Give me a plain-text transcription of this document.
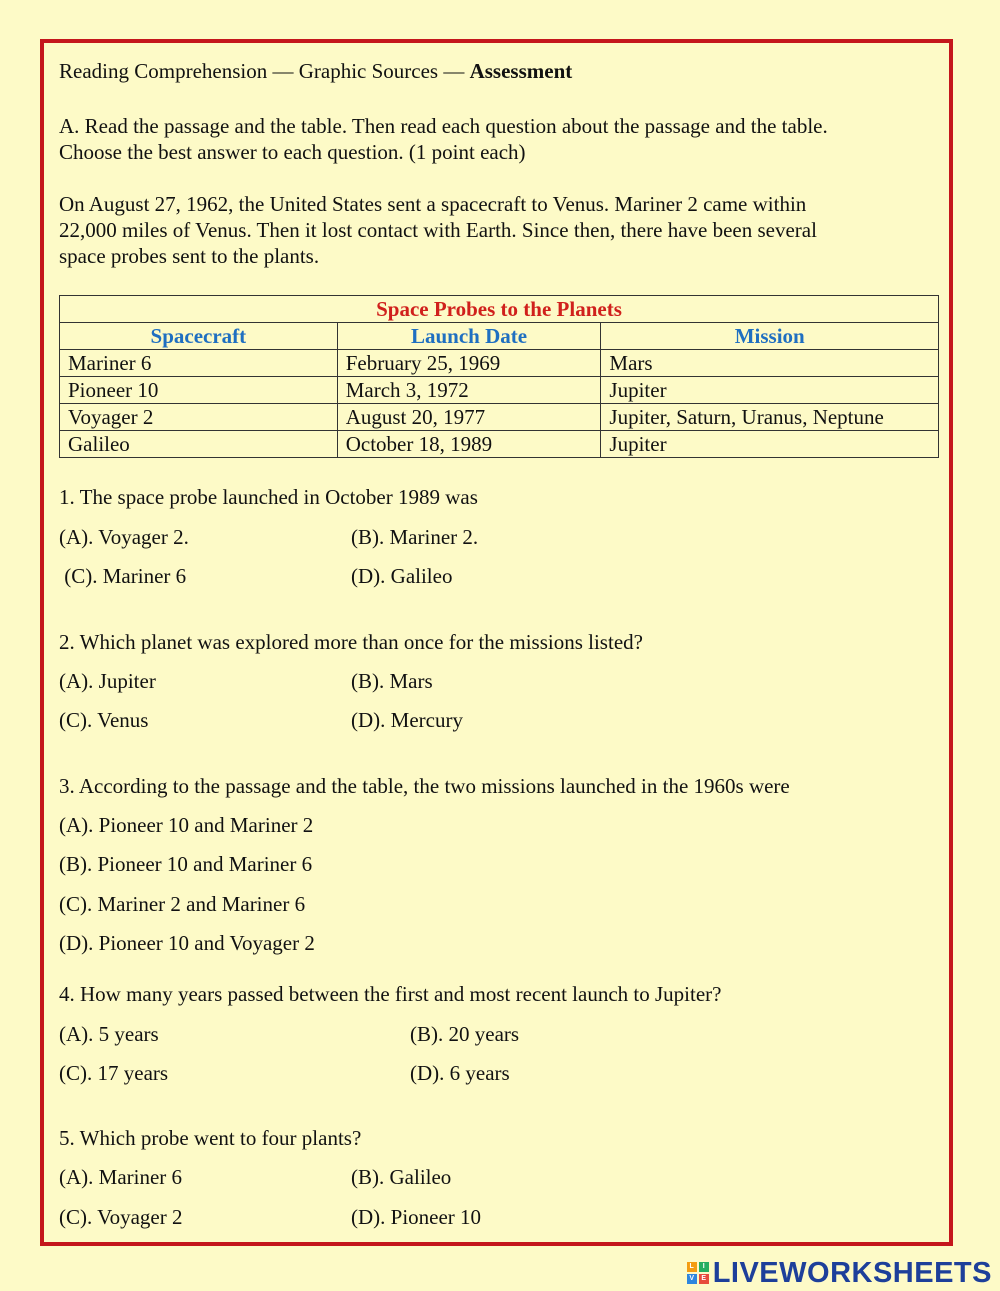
Reading Comprehension — Graphic Sources — Assessment
A. Read the passage and the table. Then read each question about the passage and the table.
Choose the best answer to each question. (1 point each)
On August 27, 1962, the United States sent a spacecraft to Venus. Mariner 2 came within
22,000 miles of Venus. Then it lost contact with Earth. Since then, there have been several
space probes sent to the plants.
Space Probes to the Planets		
Spacecraft	Launch Date	Mission
Mariner 6	February 25, 1969	Mars
Pioneer 10	March 3, 1972	Jupiter
Voyager 2	August 20, 1977	Jupiter, Saturn, Uranus, Neptune
Galileo	October 18, 1989	Jupiter
1. The space probe launched in October 1989 was
(A). Voyager 2.	(B). Mariner 2.
(C). Mariner 6	(D). Galileo
2. Which planet was explored more than once for the missions listed?
(A). Jupiter	(B). Mars
(C). Venus	(D). Mercury
3. According to the passage and the table, the two missions launched in the 1960s were
(A). Pioneer 10 and Mariner 2
(B). Pioneer 10 and Mariner 6
(C). Mariner 2 and Mariner 6
(D). Pioneer 10 and Voyager 2
4. How many years passed between the first and most recent launch to Jupiter?
(A). 5 years	(B). 20 years
(C). 17 years	(D). 6 years
5. Which probe went to four plants?
(A). Mariner 6	(B). Galileo
(C). Voyager 2	(D). Pioneer 10
L	I
V	E LIVEWORKSHEETS
